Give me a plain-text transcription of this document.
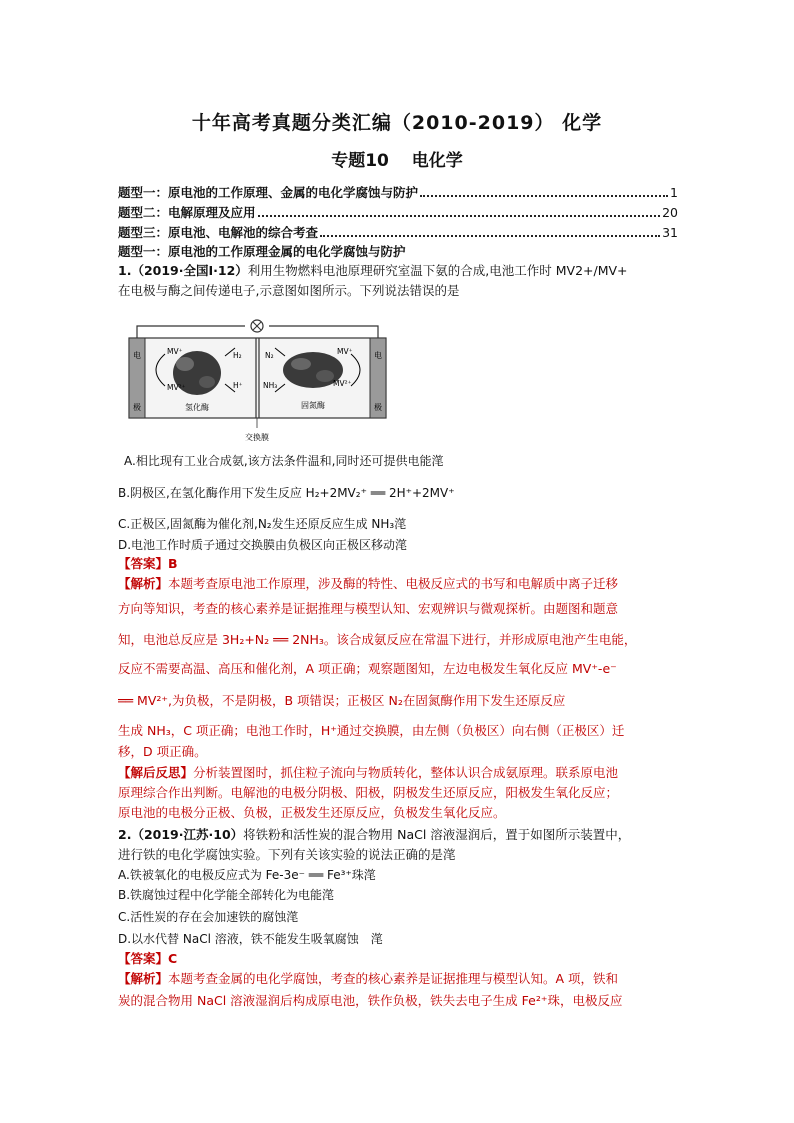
十年高考真题分类汇编（2010-2019） 化学
专题10　 电化学
题型一：原电池的工作原理、金属的电化学腐蚀与防护	1
题型二：电解原理及应用	20
题型三：原电池、电解池的综合考查	31
题型一：原电池的工作原理金属的电化学腐蚀与防护
1.（2019·全国Ⅰ·12）利用生物燃料电池原理研究室温下氨的合成,电池工作时 MV2+/MV+
在电极与酶之间传递电子,示意图如图所示。下列说法错误的是
电
极
电
极
交换膜
MV⁺
MV²⁺
H₂
H⁺
N₂
NH₃
MV⁺
MV²⁺
氢化酶	固氮酶
A.相比现有工业合成氨,该方法条件温和,同时还可提供电能滗
B.阴极区,在氢化酶作用下发生反应 H₂+2MV₂⁺ ══ 2H⁺+2MV⁺
C.正极区,固氮酶为催化剂,N₂发生还原反应生成 NH₃滗
D.电池工作时质子通过交换膜由负极区向正极区移动滗
【答案】B
【解析】本题考查原电池工作原理，涉及酶的特性、电极反应式的书写和电解质中离子迁移
方向等知识，考查的核心素养是证据推理与模型认知、宏观辨识与微观探析。由题图和题意
知，电池总反应是 3H₂+N₂ ══ 2NH₃。该合成氨反应在常温下进行，并形成原电池产生电能，
反应不需要高温、高压和催化剂，A 项正确；观察题图知，左边电极发生氧化反应 MV⁺-e⁻
══ MV²⁺,为负极，不是阴极，B 项错误；正极区 N₂在固氮酶作用下发生还原反应
生成 NH₃，C 项正确；电池工作时，H⁺通过交换膜，由左侧（负极区）向右侧（正极区）迁
移，D 项正确。
【解后反思】分析装置图时，抓住粒子流向与物质转化，整体认识合成氨原理。联系原电池
原理综合作出判断。电解池的电极分阴极、阳极，阴极发生还原反应，阳极发生氧化反应；
原电池的电极分正极、负极，正极发生还原反应，负极发生氧化反应。
2.（2019·江苏·10）将铁粉和活性炭的混合物用 NaCl 溶液湿润后，置于如图所示装置中，
进行铁的电化学腐蚀实验。下列有关该实验的说法正确的是滗
A.铁被氧化的电极反应式为 Fe-3e⁻ ══ Fe³⁺珠滗
B.铁腐蚀过程中化学能全部转化为电能滗
C.活性炭的存在会加速铁的腐蚀滗
D.以水代替 NaCl 溶液，铁不能发生吸氧腐蚀　滗
【答案】C
【解析】本题考查金属的电化学腐蚀，考查的核心素养是证据推理与模型认知。A 项，铁和
炭的混合物用 NaCl 溶液湿润后构成原电池，铁作负极，铁失去电子生成 Fe²⁺珠，电极反应
